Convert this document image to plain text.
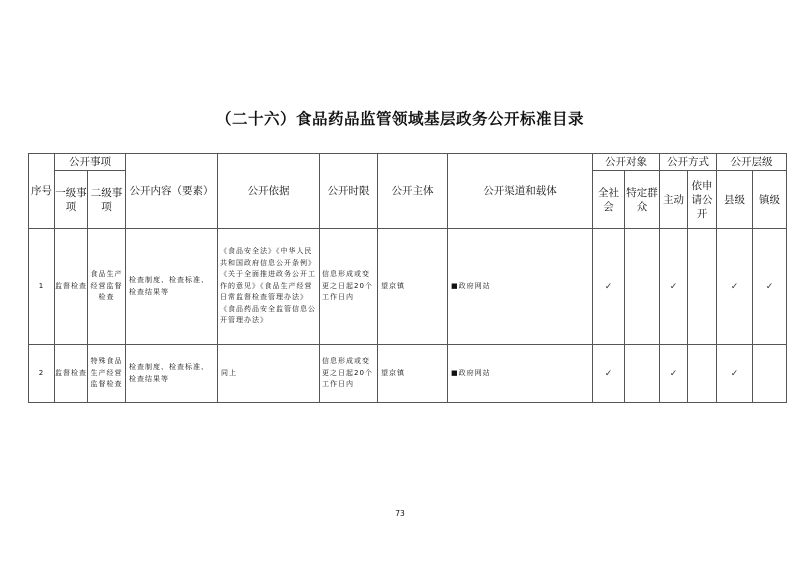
（二十六）食品药品监管领域基层政务公开标准目录
序号	公开事项		公开内容（要素）	公开依据	公开时限	公开主体	公开渠道和载体	公开对象		公开方式		公开层级	
	一级事项	二级事项						全社会	特定群众	主动	依申请公开	县级	镇级
1	监督检查	食品生产经营监督检查	检查制度、检查标准、检查结果等	《食品安全法》《中华人民共和国政府信息公开条例》《关于全面推进政务公开工作的意见》《食品生产经营日常监督检查管理办法》《食品药品安全监管信息公开管理办法》	信息形成或变更之日起20个工作日内	望京镇	■政府网站	✓		✓		✓	✓
2	监督检查	特殊食品生产经营监督检查	检查制度、检查标准、检查结果等	同上	信息形成或变更之日起20个工作日内	望京镇	■政府网站	✓		✓		✓	
73
